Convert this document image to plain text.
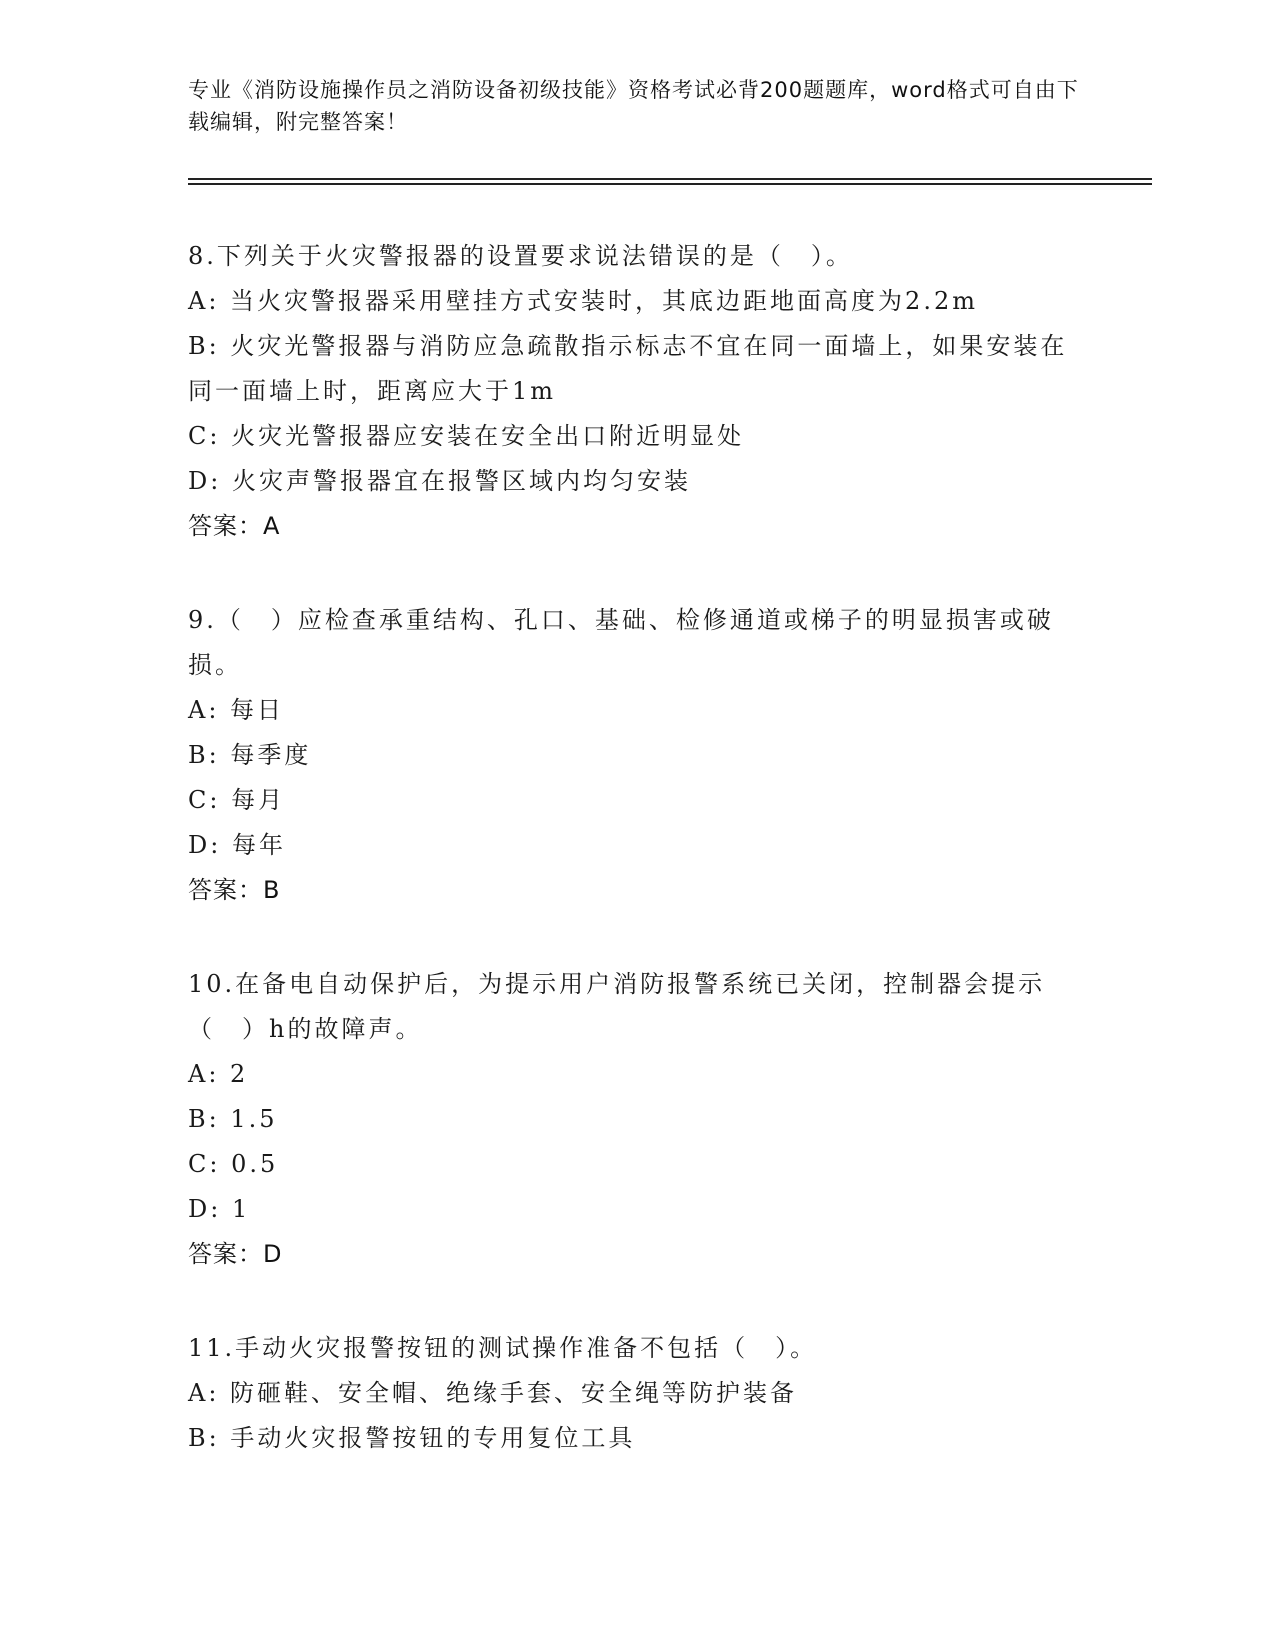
专业《消防设施操作员之消防设备初级技能》资格考试必背200题题库，word格式可自由下载编辑，附完整答案！

8.下列关于火灾警报器的设置要求说法错误的是（　）。

A: 当火灾警报器采用壁挂方式安装时，其底边距地面高度为2.2m

B: 火灾光警报器与消防应急疏散指示标志不宜在同一面墙上，如果安装在同一面墙上时，距离应大于1m

C: 火灾光警报器应安装在安全出口附近明显处

D: 火灾声警报器宜在报警区域内均匀安装

答案：A

9.（　）应检查承重结构、孔口、基础、检修通道或梯子的明显损害或破损。

A: 每日

B: 每季度

C: 每月

D: 每年

答案：B

10.在备电自动保护后，为提示用户消防报警系统已关闭，控制器会提示（　）h的故障声。

A: 2

B: 1.5

C: 0.5

D: 1

答案：D

11.手动火灾报警按钮的测试操作准备不包括（　）。

A: 防砸鞋、安全帽、绝缘手套、安全绳等防护装备

B: 手动火灾报警按钮的专用复位工具
